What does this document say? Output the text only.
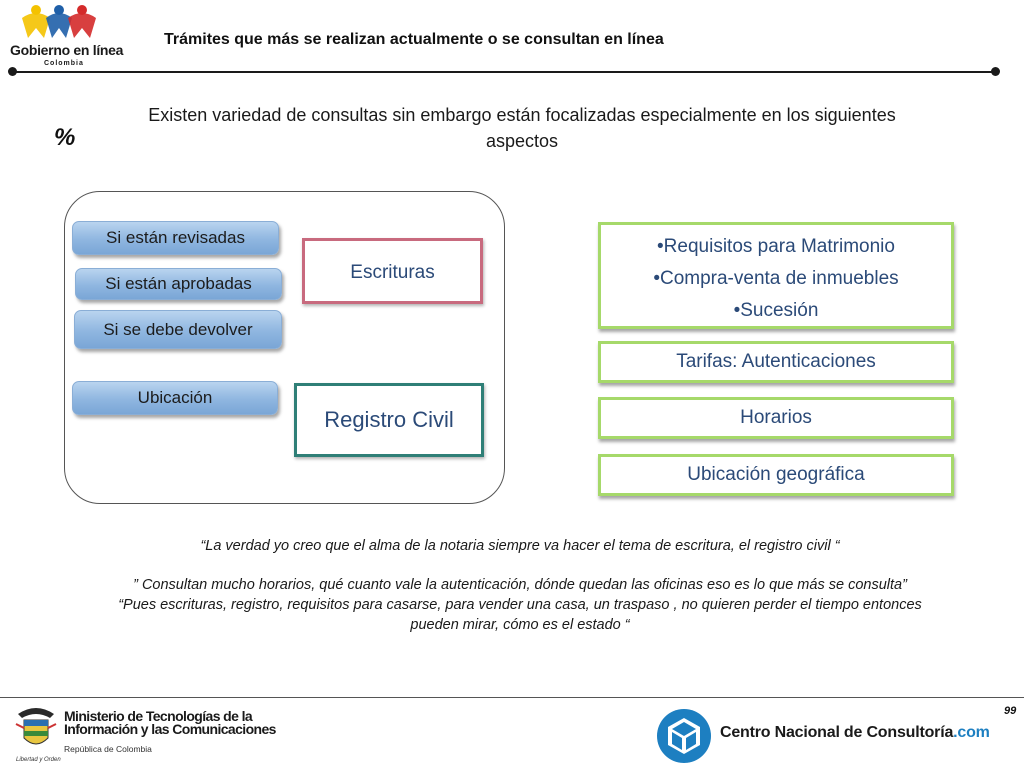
Gobierno en línea
Colombia
Trámites que más se realizan actualmente o se consultan en línea
%
Existen variedad de consultas sin embargo están focalizadas especialmente en los siguientes aspectos
Si están revisadas
Si están aprobadas
Si se debe devolver
Ubicación
Escrituras
Registro Civil
•Requisitos para Matrimonio
•Compra-venta de inmuebles
•Sucesión
Tarifas: Autenticaciones
Horarios
Ubicación geográfica

“La verdad yo creo que el alma de la notaria siempre va hacer el tema de escritura, el registro civil “

” Consultan mucho horarios, qué cuanto vale la autenticación, dónde quedan las oficinas eso es lo que más se consulta”

“Pues escrituras, registro, requisitos para casarse, para vender una casa, un traspaso , no quieren perder el tiempo entonces pueden mirar, cómo es el estado “

99
Ministerio de Tecnologías de la
Información y las Comunicaciones
República de Colombia
Libertad y Orden
Centro Nacional de Consultoría.com
